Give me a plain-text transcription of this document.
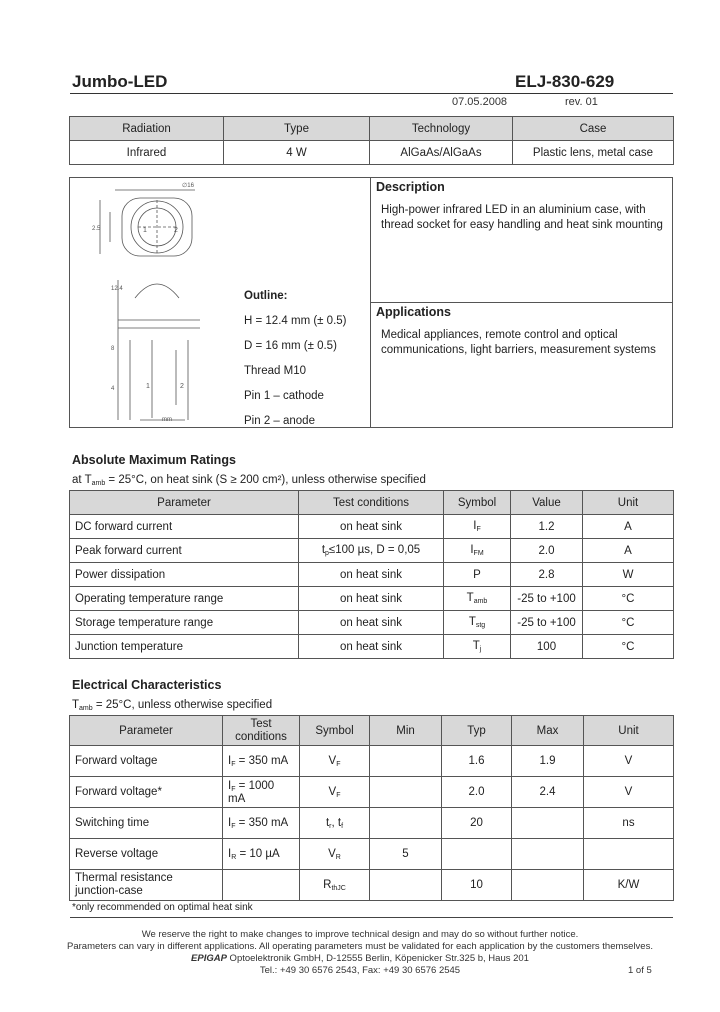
Jumbo-LED	ELJ-830-629
07.05.2008	rev. 01
Radiation	Type	Technology	Case
Infrared	4 W	AlGaAs/AlGaAs	Plastic lens, metal case
∅16
2.5	1	2
12.4
8
1	2
4
mm
Outline:
H = 12.4 mm (± 0.5)
D = 16 mm (± 0.5)
Thread M10
Pin 1 – cathode
Pin 2 – anode
Description
High-power infrared LED in an aluminium case, with thread socket for easy handling and heat sink mounting
Applications
Medical appliances, remote control and optical communications, light barriers, measurement systems
Absolute Maximum Ratings
at $T_{amb} = 25^\circ C$, on heat sink (S ≥ 200 cm²), unless otherwise specified
Parameter	Test conditions	Symbol	Value	Unit
DC forward current	on heat sink	$I_F$	1.2	A
Peak forward current	$t_p\le 100$ µs, D = 0,05	$I_{FM}$	2.0	A
Power dissipation	on heat sink	P	2.8	W
Operating temperature range	on heat sink	$T_{amb}$	-25 to +100	°C
Storage temperature range	on heat sink	$T_{stg}$	-25 to +100	°C
Junction temperature	on heat sink	$T_j$	100	°C
Electrical Characteristics
$T_{amb} = 25^\circ C$, unless otherwise specified
Parameter	Test conditions	Symbol	Min	Typ	Max	Unit
Forward voltage	$I_F = 350$ mA	$V_F$		1.6	1.9	V
Forward voltage*	$I_F = 1000$ mA	$V_F$		2.0	2.4	V
Switching time	$I_F = 350$ mA	$t_r$, $t_f$		20		ns
Reverse voltage	$I_R = 10$ µA	$V_R$	5			
Thermal resistance junction-case		$R_{thJC}$		10		K/W
*only recommended on optimal heat sink
We reserve the right to make changes to improve technical design and may do so without further notice.
Parameters can vary in different applications. All operating parameters must be validated for each application by the customers themselves.
EPIGAP Optoelektronik GmbH, D-12555 Berlin, Köpenicker Str.325 b, Haus 201
Tel.: +49 30 6576 2543, Fax: +49 30 6576 2545	1 of 5
